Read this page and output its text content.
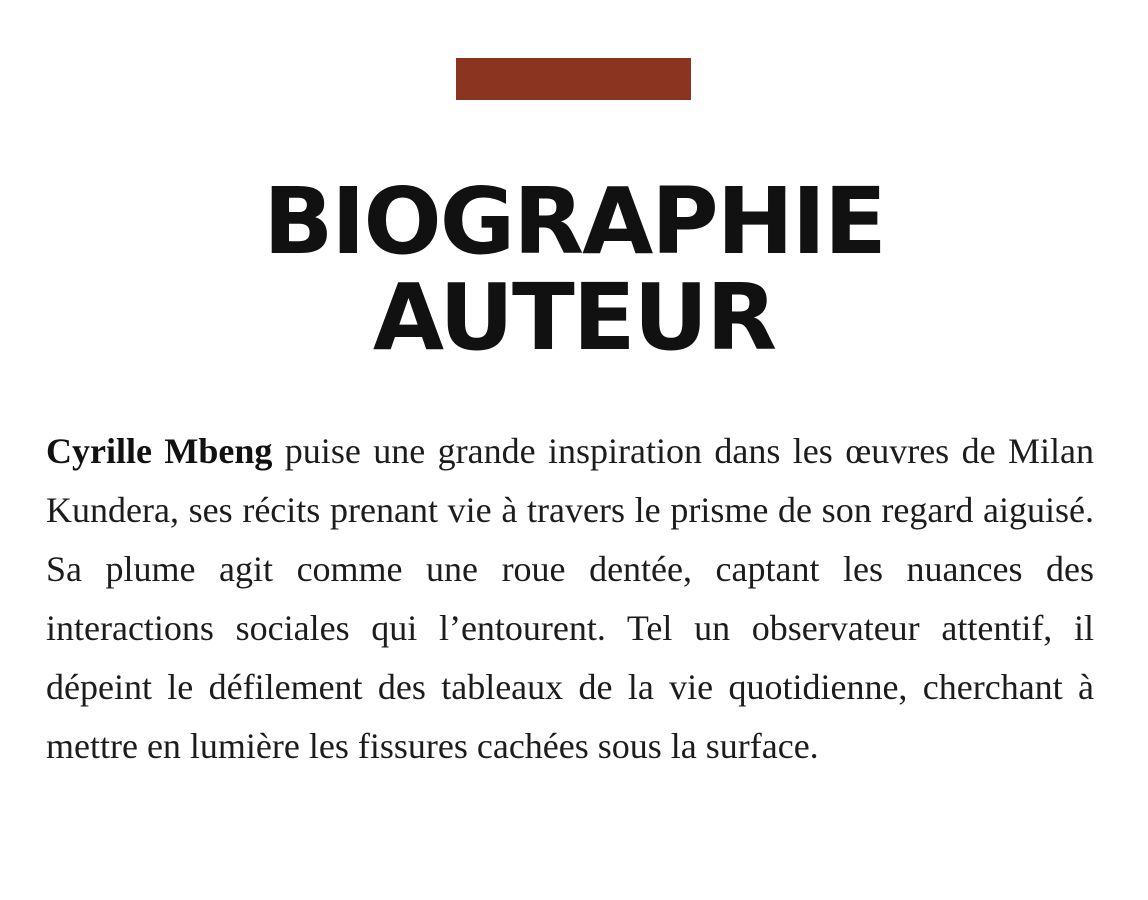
BIOGRAPHIE
AUTEUR

Cyrille Mbeng puise une grande inspiration dans les œuvres de Milan Kundera, ses récits prenant vie à travers le prisme de son regard aiguisé. Sa plume agit comme une roue dentée, captant les nuances des interactions sociales qui l’entourent. Tel un observateur attentif, il dépeint le défilement des tableaux de la vie quotidienne, cherchant à mettre en lumière les fissures cachées sous la surface.
